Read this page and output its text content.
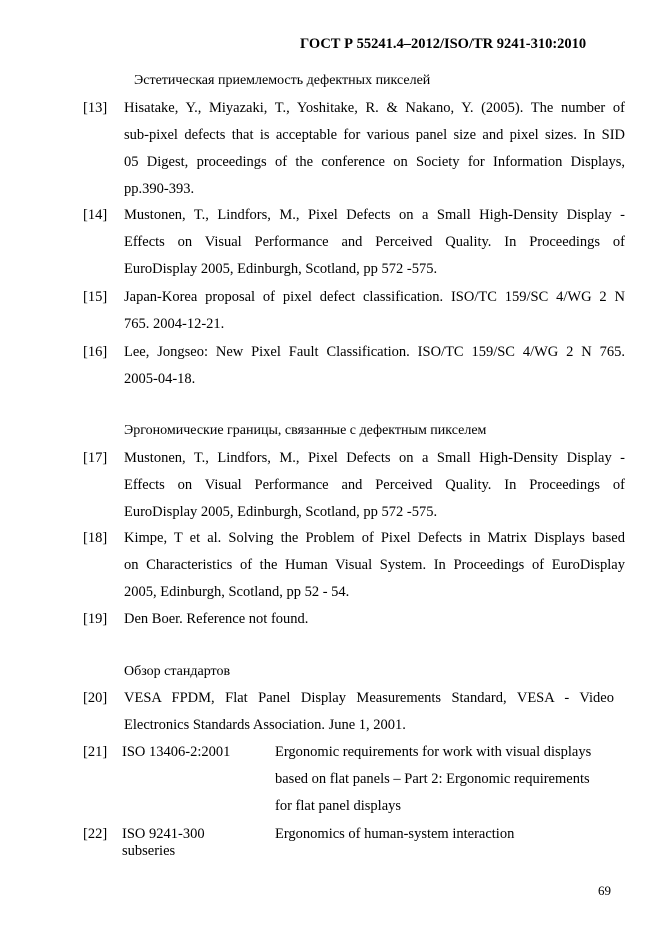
ГОСТ Р 55241.4–2012/ISO/TR 9241-310:2010
Эстетическая приемлемость дефектных пикселей
[13] Hisatake, Y., Miyazaki, T., Yoshitake, R. & Nakano, Y. (2005). The number of
sub-pixel defects that is acceptable for various panel size and pixel sizes. In SID
05 Digest, proceedings of the conference on Society for Information Displays,
pp.390-393.
[14] Mustonen, T., Lindfors, M., Pixel Defects on a Small High-Density Display -
Effects on Visual Performance and Perceived Quality. In Proceedings of
EuroDisplay 2005, Edinburgh, Scotland, pp 572 -575.
[15] Japan-Korea proposal of pixel defect classification. ISO/TC 159/SC 4/WG 2 N
765. 2004-12-21.
[16] Lee, Jongseo: New Pixel Fault Classification. ISO/TC 159/SC 4/WG 2 N 765.
2005-04-18.
Эргономические границы, связанные с дефектным пикселем
[17] Mustonen, T., Lindfors, M., Pixel Defects on a Small High-Density Display -
Effects on Visual Performance and Perceived Quality. In Proceedings of
EuroDisplay 2005, Edinburgh, Scotland, pp 572 -575.
[18] Kimpe, T et al. Solving the Problem of Pixel Defects in Matrix Displays based
on Characteristics of the Human Visual System. In Proceedings of EuroDisplay
2005, Edinburgh, Scotland, pp 52 - 54.
[19] Den Boer. Reference not found.
Обзор стандартов
[20] VESA FPDM, Flat Panel Display Measurements Standard, VESA - Video
Electronics Standards Association. June 1, 2001.
[21] ISO 13406-2:2001	Ergonomic requirements for work with visual displays
based on flat panels – Part 2: Ergonomic requirements
for flat panel displays
[22] ISO 9241-300
subseries
Ergonomics of human-system interaction
69
